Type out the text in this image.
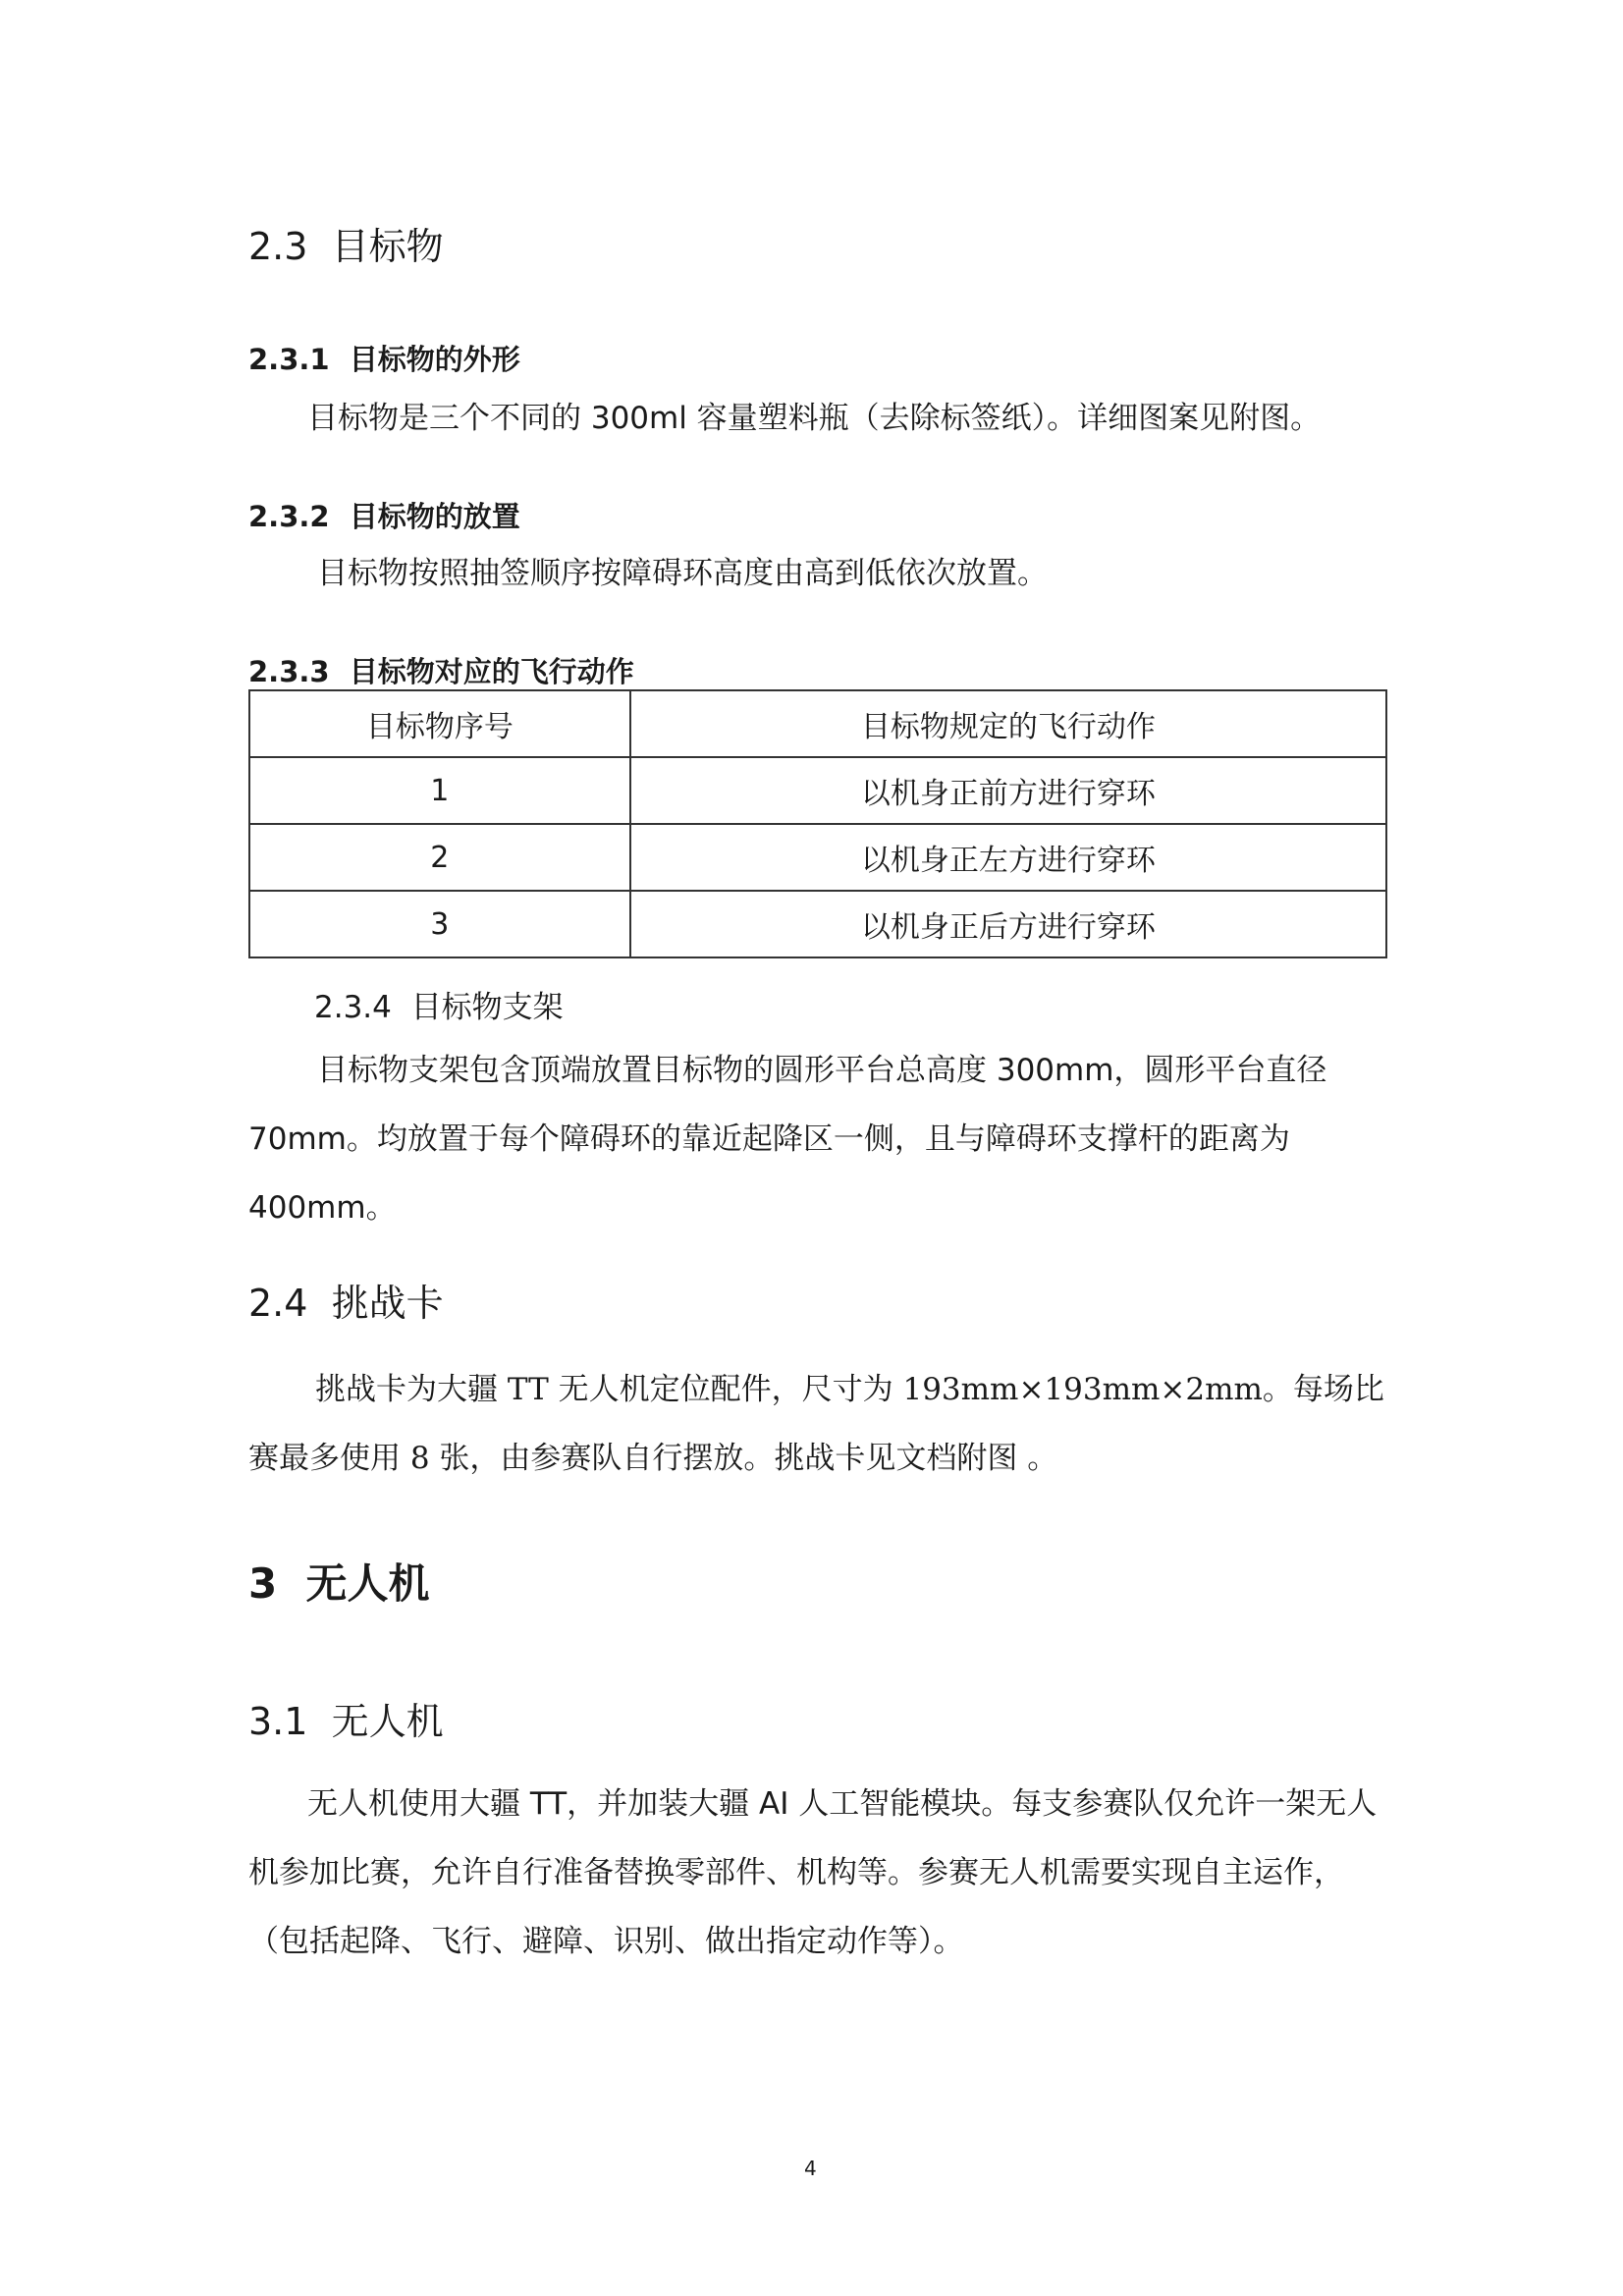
2.3 目标物
2.3.1 目标物的外形
目标物是三个不同的 300ml 容量塑料瓶（去除标签纸）。详细图案见附图。
2.3.2 目标物的放置
目标物按照抽签顺序按障碍环高度由高到低依次放置。
2.3.3 目标物对应的飞行动作
目标物序号	目标物规定的飞行动作
1	以机身正前方进行穿环
2	以机身正左方进行穿环
3	以机身正后方进行穿环
2.3.4 目标物支架
目标物支架包含顶端放置目标物的圆形平台总高度 300mm，圆形平台直径 70mm。均放置于每个障碍环的靠近起降区一侧，且与障碍环支撑杆的距离为 400mm。
2.4 挑战卡
挑战卡为大疆 TT 无人机定位配件，尺寸为 193mm×193mm×2mm。每场比赛最多使用 8 张，由参赛队自行摆放。挑战卡见文档附图 。
3 无人机
3.1 无人机
无人机使用大疆 TT，并加装大疆 AI 人工智能模块。每支参赛队仅允许一架无人机参加比赛，允许自行准备替换零部件、机构等。参赛无人机需要实现自主运作，（包括起降、飞行、避障、识别、做出指定动作等）。
4
